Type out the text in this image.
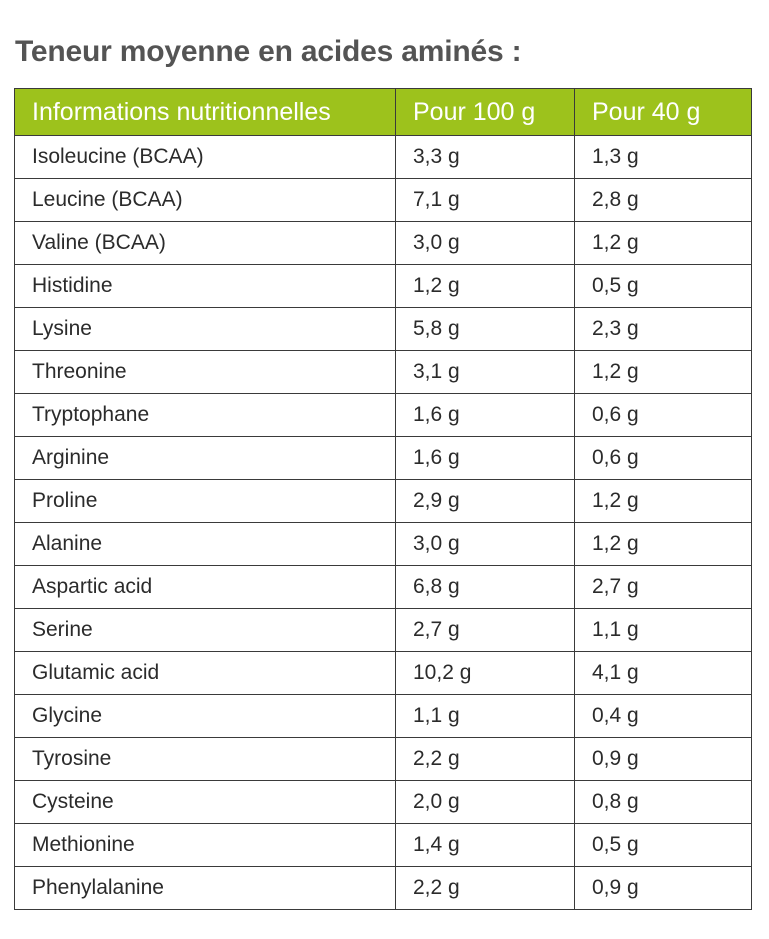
Teneur moyenne en acides aminés :
Informations nutritionnelles	Pour 100 g	Pour 40 g
Isoleucine (BCAA)	3,3 g	1,3 g
Leucine (BCAA)	7,1 g	2,8 g
Valine (BCAA)	3,0 g	1,2 g
Histidine	1,2 g	0,5 g
Lysine	5,8 g	2,3 g
Threonine	3,1 g	1,2 g
Tryptophane	1,6 g	0,6 g
Arginine	1,6 g	0,6 g
Proline	2,9 g	1,2 g
Alanine	3,0 g	1,2 g
Aspartic acid	6,8 g	2,7 g
Serine	2,7 g	1,1 g
Glutamic acid	10,2 g	4,1 g
Glycine	1,1 g	0,4 g
Tyrosine	2,2 g	0,9 g
Cysteine	2,0 g	0,8 g
Methionine	1,4 g	0,5 g
Phenylalanine	2,2 g	0,9 g
